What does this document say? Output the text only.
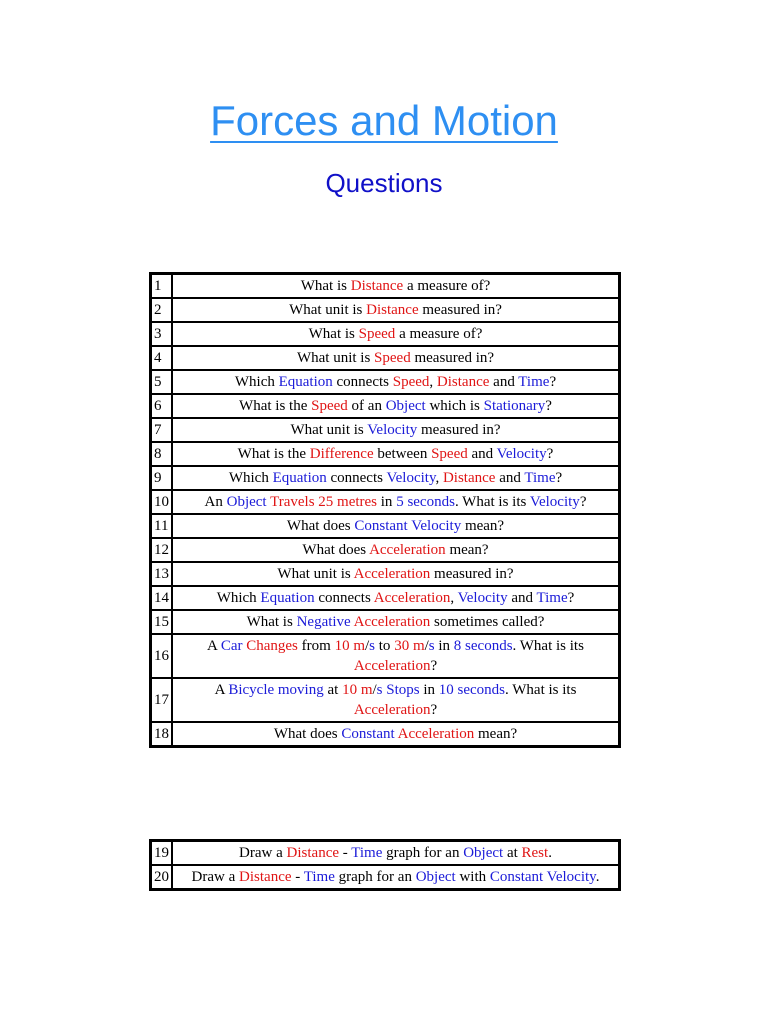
Forces and Motion
Questions
1	What is Distance a measure of?
2	What unit is Distance measured in?
3	What is Speed a measure of?
4	What unit is Speed measured in?
5	Which Equation connects Speed, Distance and Time?
6	What is the Speed of an Object which is Stationary?
7	What unit is Velocity measured in?
8	What is the Difference between Speed and Velocity?
9	Which Equation connects Velocity, Distance and Time?
10	An Object Travels 25 metres in 5 seconds. What is its Velocity?
11	What does Constant Velocity mean?
12	What does Acceleration mean?
13	What unit is Acceleration measured in?
14	Which Equation connects Acceleration, Velocity and Time?
15	What is Negative Acceleration sometimes called?
16	A Car Changes from 10 m/s to 30 m/s in 8 seconds. What is its Acceleration?
17	A Bicycle moving at 10 m/s Stops in 10 seconds. What is its Acceleration?
18	What does Constant Acceleration mean?
19	Draw a Distance - Time graph for an Object at Rest.
20	Draw a Distance - Time graph for an Object with Constant Velocity.
